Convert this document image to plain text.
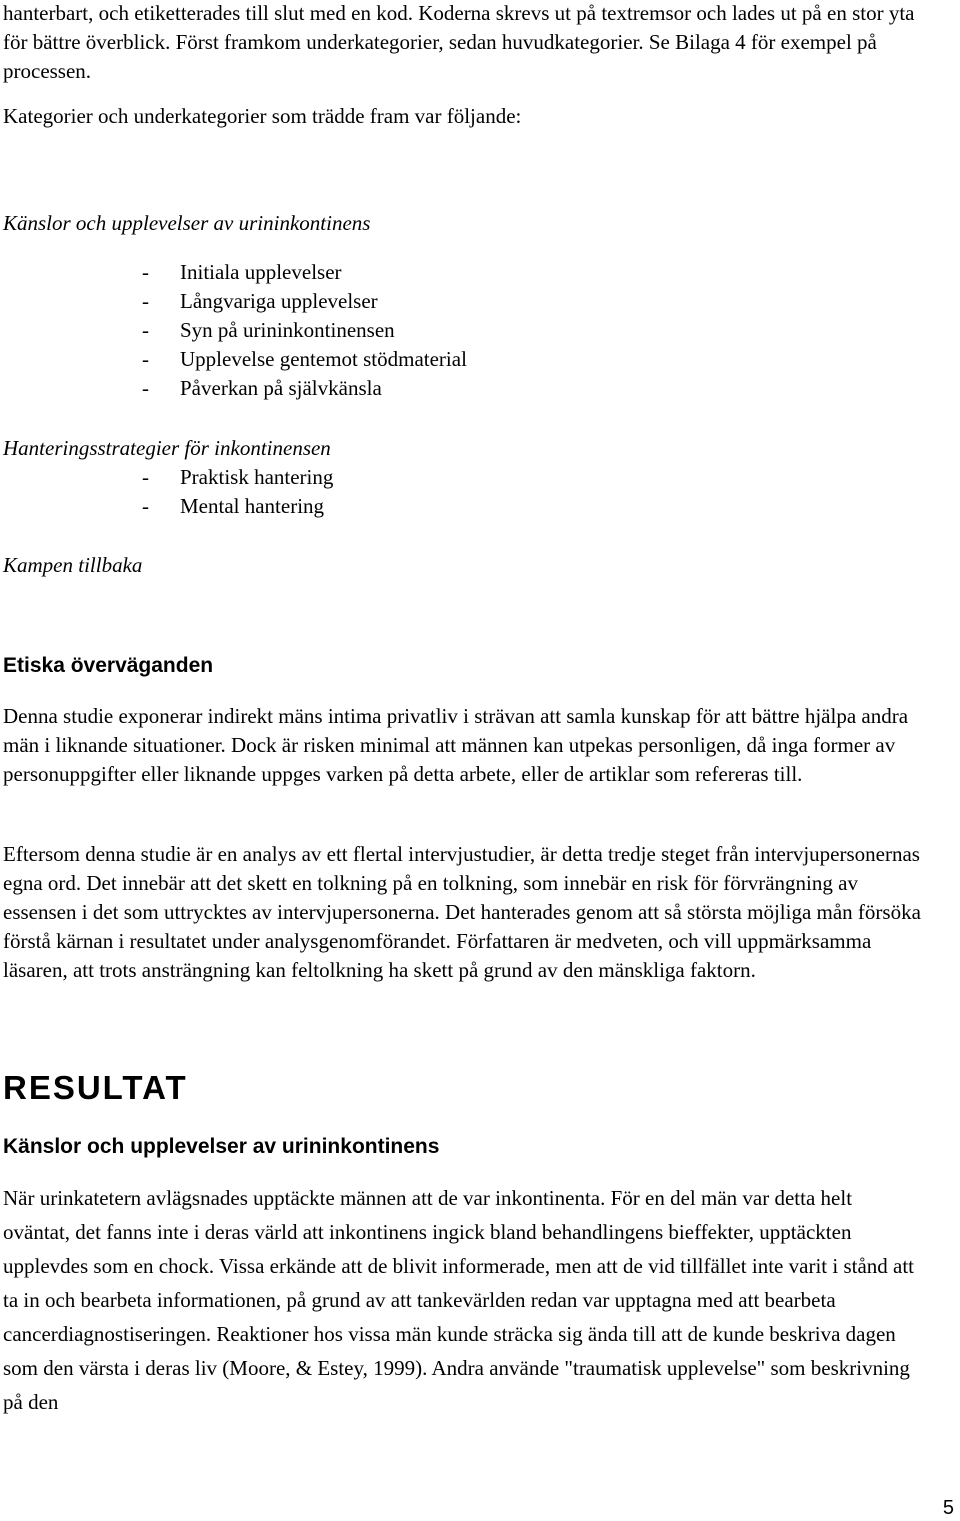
hanterbart, och etiketterades till slut med en kod. Koderna skrevs ut på textremsor och lades ut på en stor yta för bättre överblick. Först framkom underkategorier, sedan huvudkategorier. Se Bilaga 4 för exempel på processen.

Kategorier och underkategorier som trädde fram var följande:

Känslor och upplevelser av urininkontinens

-	Initiala upplevelser
-	Långvariga upplevelser
-	Syn på urininkontinensen
-	Upplevelse gentemot stödmaterial
-	Påverkan på självkänsla

Hanteringsstrategier för inkontinensen

-	Praktisk hantering
-	Mental hantering

Kampen tillbaka

Etiska överväganden

Denna studie exponerar indirekt mäns intima privatliv i strävan att samla kunskap för att bättre hjälpa andra män i liknande situationer. Dock är risken minimal att männen kan utpekas personligen, då inga former av personuppgifter eller liknande uppges varken på detta arbete, eller de artiklar som refereras till.

Eftersom denna studie är en analys av ett flertal intervjustudier, är detta tredje steget från intervjupersonernas egna ord. Det innebär att det skett en tolkning på en tolkning, som innebär en risk för förvrängning av essensen i det som uttrycktes av intervjupersonerna. Det hanterades genom att så största möjliga mån försöka förstå kärnan i resultatet under analysgenomförandet. Författaren är medveten, och vill uppmärksamma läsaren, att trots ansträngning kan feltolkning ha skett på grund av den mänskliga faktorn.

RESULTAT
Känslor och upplevelser av urininkontinens

När urinkatetern avlägsnades upptäckte männen att de var inkontinenta. För en del män var detta helt oväntat, det fanns inte i deras värld att inkontinens ingick bland behandlingens bieffekter, upptäckten upplevdes som en chock. Vissa erkände att de blivit informerade, men att de vid tillfället inte varit i stånd att ta in och bearbeta informationen, på grund av att tankevärlden redan var upptagna med att bearbeta cancerdiagnostiseringen. Reaktioner hos vissa män kunde sträcka sig ända till att de kunde beskriva dagen som den värsta i deras liv (Moore, & Estey, 1999). Andra använde "traumatisk upplevelse" som beskrivning på den

5
